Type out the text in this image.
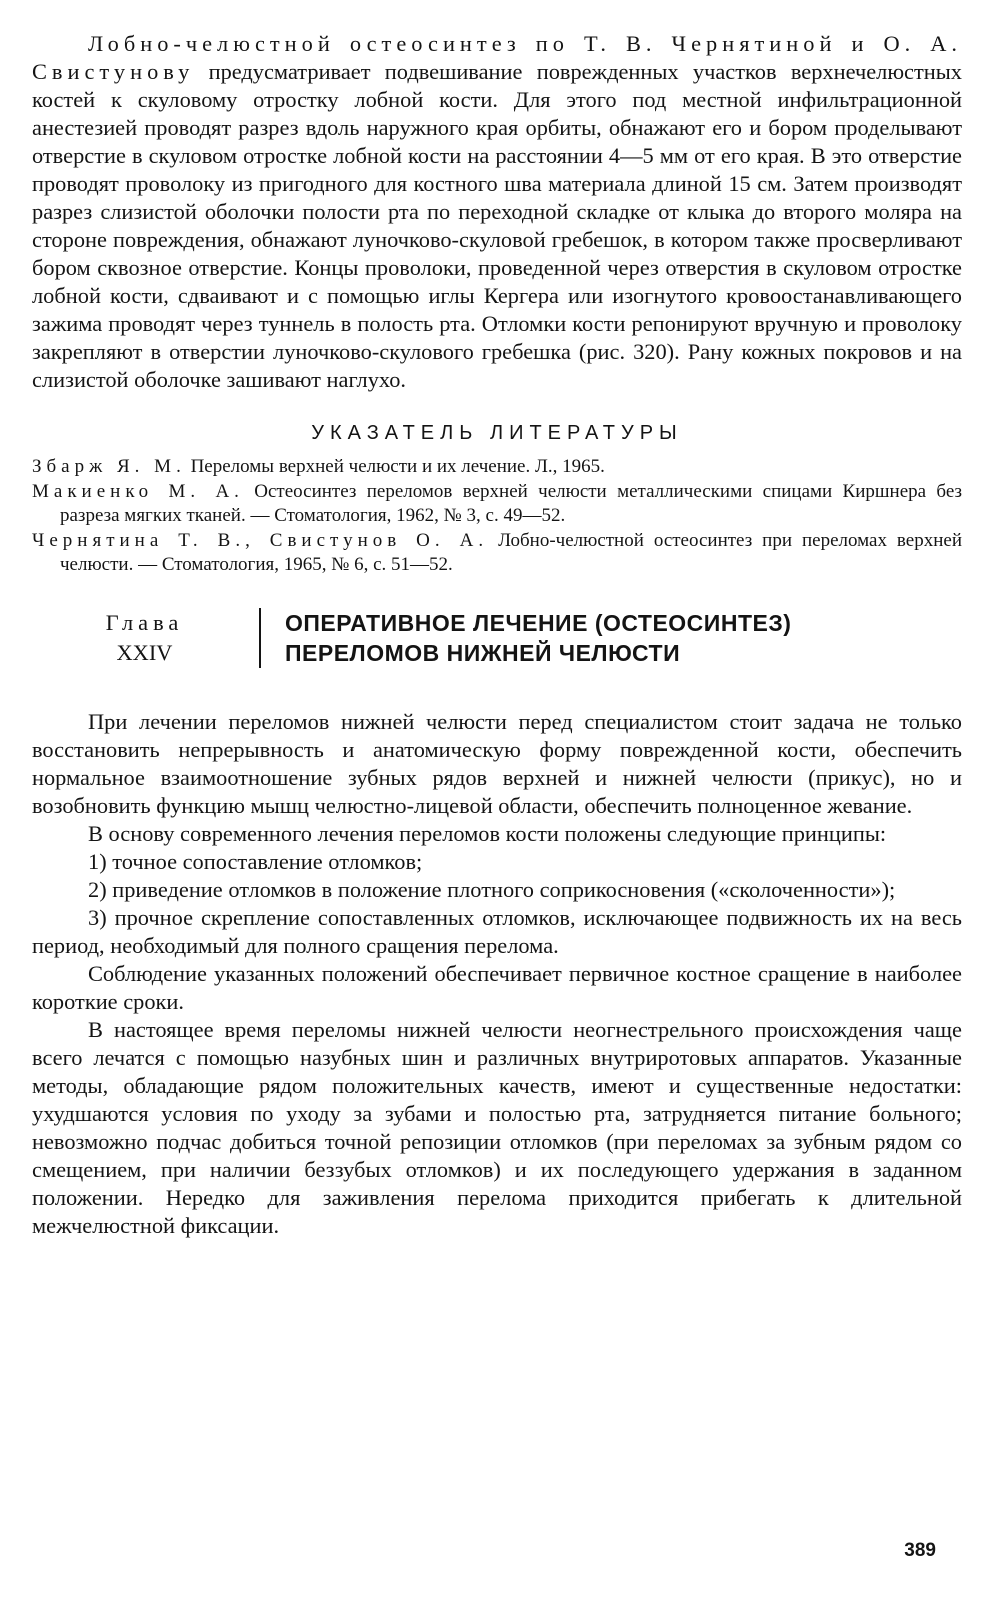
Лобно-челюстной остеосинтез по Т. В. Чернятиной и О. А. Свистунову предусматривает подвешивание поврежденных участков верхнечелюстных костей к скуловому отростку лобной кости. Для этого под местной инфильтрационной анестезией проводят разрез вдоль наружного края орбиты, обнажают его и бором проделывают отверстие в скуловом отростке лобной кости на расстоянии 4—5 мм от его края. В это отверстие проводят проволоку из пригодного для костного шва материала длиной 15 см. Затем производят разрез слизистой оболочки полости рта по переходной складке от клыка до второго моляра на стороне повреждения, обнажают луночково-скуловой гребешок, в котором также просверливают бором сквозное отверстие. Концы проволоки, проведенной через отверстия в скуловом отростке лобной кости, сдваивают и с помощью иглы Кергера или изогнутого кровоостанавливающего зажима проводят через туннель в полость рта. Отломки кости репонируют вручную и проволоку закрепляют в отверстии луночково-скулового гребешка (рис. 320). Рану кожных покровов и на слизистой оболочке зашивают наглухо.

УКАЗАТЕЛЬ ЛИТЕРАТУРЫ

Збарж Я. М. Переломы верхней челюсти и их лечение. Л., 1965.

Макиенко М. А. Остеосинтез переломов верхней челюсти металлическими спицами Киршнера без разреза мягких тканей. — Стоматология, 1962, № 3, с. 49—52.

Чернятина Т. В., Свистунов О. А. Лобно-челюстной остеосинтез при переломах верхней челюсти. — Стоматология, 1965, № 6, с. 51—52.

Глава
XXIV
ОПЕРАТИВНОЕ ЛЕЧЕНИЕ (ОСТЕОСИНТЕЗ)
ПЕРЕЛОМОВ НИЖНЕЙ ЧЕЛЮСТИ

При лечении переломов нижней челюсти перед специалистом стоит задача не только восстановить непрерывность и анатомическую форму поврежденной кости, обеспечить нормальное взаимоотношение зубных рядов верхней и нижней челюсти (прикус), но и возобновить функцию мышц челюстно-лицевой области, обеспечить полноценное жевание.

В основу современного лечения переломов кости положены следующие принципы:

1) точное сопоставление отломков;

2) приведение отломков в положение плотного соприкосновения («сколоченности»);

3) прочное скрепление сопоставленных отломков, исключающее подвижность их на весь период, необходимый для полного сращения перелома.

Соблюдение указанных положений обеспечивает первичное костное сращение в наиболее короткие сроки.

В настоящее время переломы нижней челюсти неогнестрельного происхождения чаще всего лечатся с помощью назубных шин и различных внутриротовых аппаратов. Указанные методы, обладающие рядом положительных качеств, имеют и существенные недостатки: ухудшаются условия по уходу за зубами и полостью рта, затрудняется питание больного; невозможно подчас добиться точной репозиции отломков (при переломах за зубным рядом со смещением, при наличии беззубых отломков) и их последующего удержания в заданном положении. Нередко для заживления перелома приходится прибегать к длительной межчелюстной фиксации.

389
